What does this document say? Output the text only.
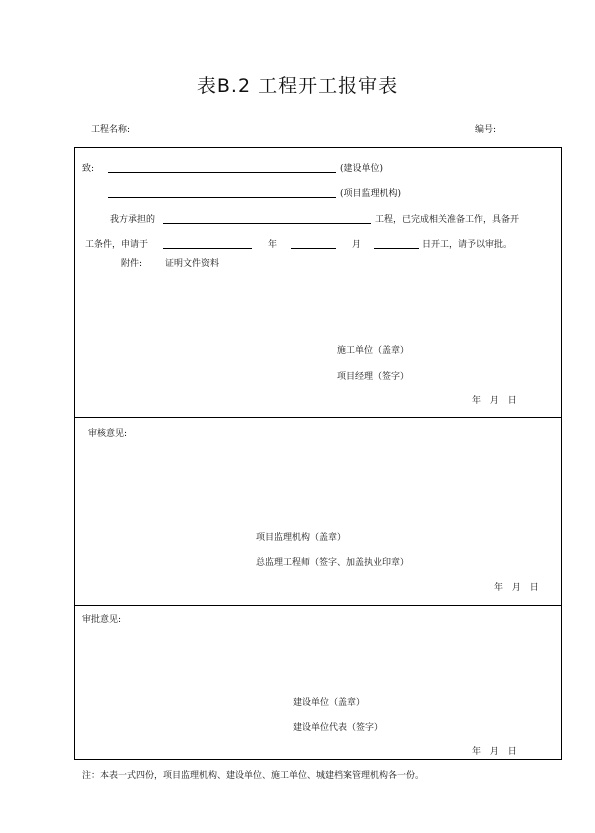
表B.2 工程开工报审表
工程名称:	编号:
致:	(建设单位)
(项目监理机构)
我方承担的	工程，已完成相关准备工作，具备开
工条件，申请于	年	月	日开工，请予以审批。
附件:	证明文件资料
施工单位（盖章）
项目经理（签字）
年 月 日
审核意见:
项目监理机构（盖章）
总监理工程师（签字、加盖执业印章）
年 月 日
审批意见:
建设单位（盖章）
建设单位代表（签字）
年 月 日
注：本表一式四份，项目监理机构、建设单位、施工单位、城建档案管理机构各一份。
